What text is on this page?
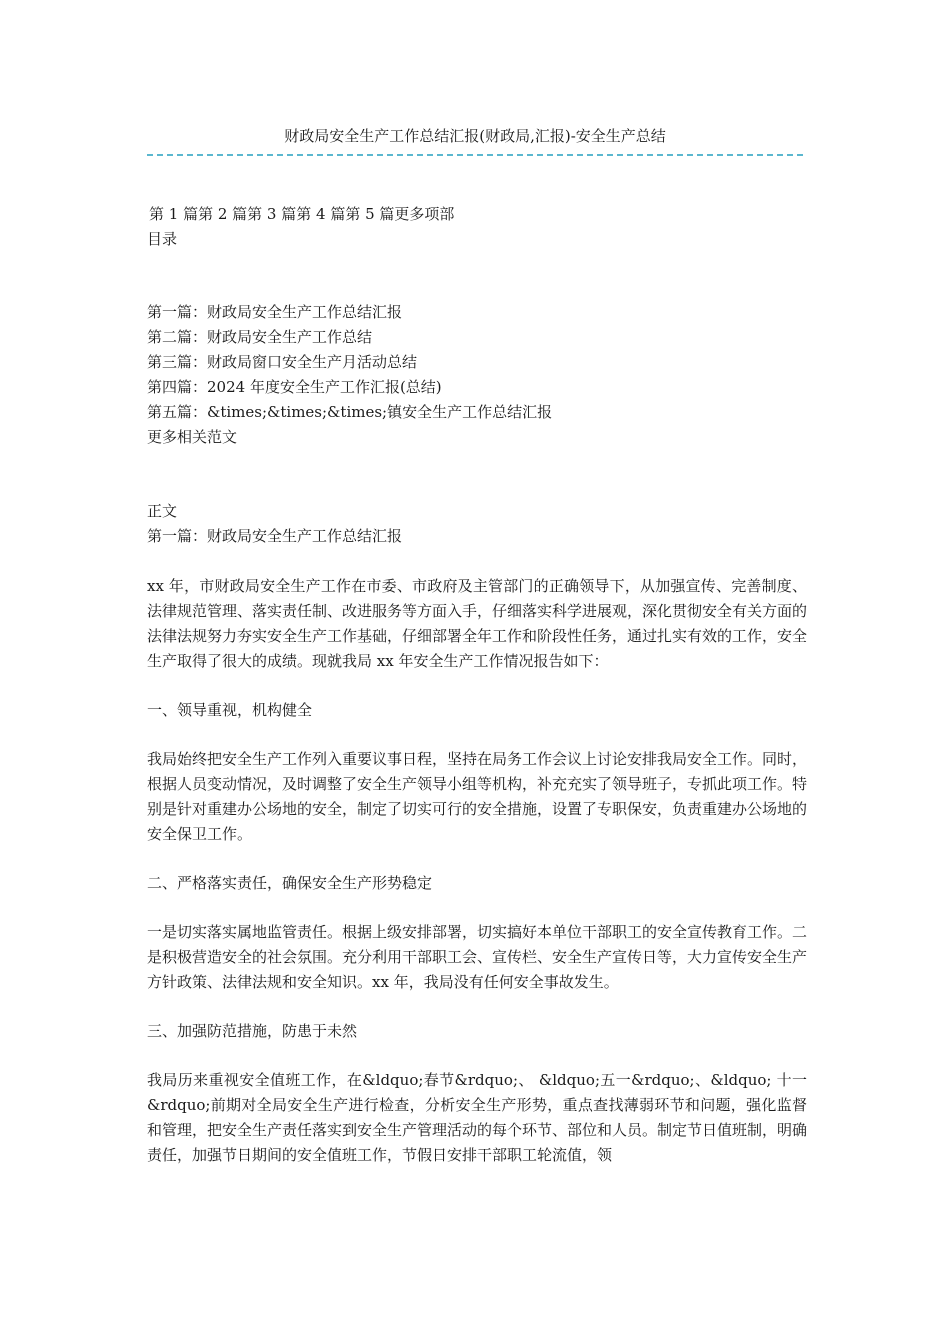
财政局安全生产工作总结汇报(财政局,汇报)-安全生产总结

第 1 篇第 2 篇第 3 篇第 4 篇第 5 篇更多项部

目录

第一篇：财政局安全生产工作总结汇报

第二篇：财政局安全生产工作总结

第三篇：财政局窗口安全生产月活动总结

第四篇：2024 年度安全生产工作汇报(总结)

第五篇：&times;&times;&times;镇安全生产工作总结汇报

更多相关范文

正文

第一篇：财政局安全生产工作总结汇报

xx 年，市财政局安全生产工作在市委、市政府及主管部门的正确领导下，从加强宣传、完善制度、法律规范管理、落实责任制、改进服务等方面入手，仔细落实科学进展观，深化贯彻安全有关方面的法律法规努力夯实安全生产工作基础，仔细部署全年工作和阶段性任务，通过扎实有效的工作，安全生产取得了很大的成绩。现就我局 xx 年安全生产工作情况报告如下：

一、领导重视，机构健全

我局始终把安全生产工作列入重要议事日程，坚持在局务工作会议上讨论安排我局安全工作。同时，根据人员变动情况，及时调整了安全生产领导小组等机构，补充充实了领导班子，专抓此项工作。特别是针对重建办公场地的安全，制定了切实可行的安全措施，设置了专职保安，负责重建办公场地的安全保卫工作。

二、严格落实责任，确保安全生产形势稳定

一是切实落实属地监管责任。根据上级安排部署，切实搞好本单位干部职工的安全宣传教育工作。二是积极营造安全的社会氛围。充分利用干部职工会、宣传栏、安全生产宣传日等，大力宣传安全生产方针政策、法律法规和安全知识。xx 年，我局没有任何安全事故发生。

三、加强防范措施，防患于未然

我局历来重视安全值班工作，在&ldquo;春节&rdquo;、 &ldquo;五一&rdquo;、&ldquo; 十一&rdquo;前期对全局安全生产进行检查，分析安全生产形势，重点查找薄弱环节和问题，强化监督和管理，把安全生产责任落实到安全生产管理活动的每个环节、部位和人员。制定节日值班制，明确责任，加强节日期间的安全值班工作，节假日安排干部职工轮流值，领
